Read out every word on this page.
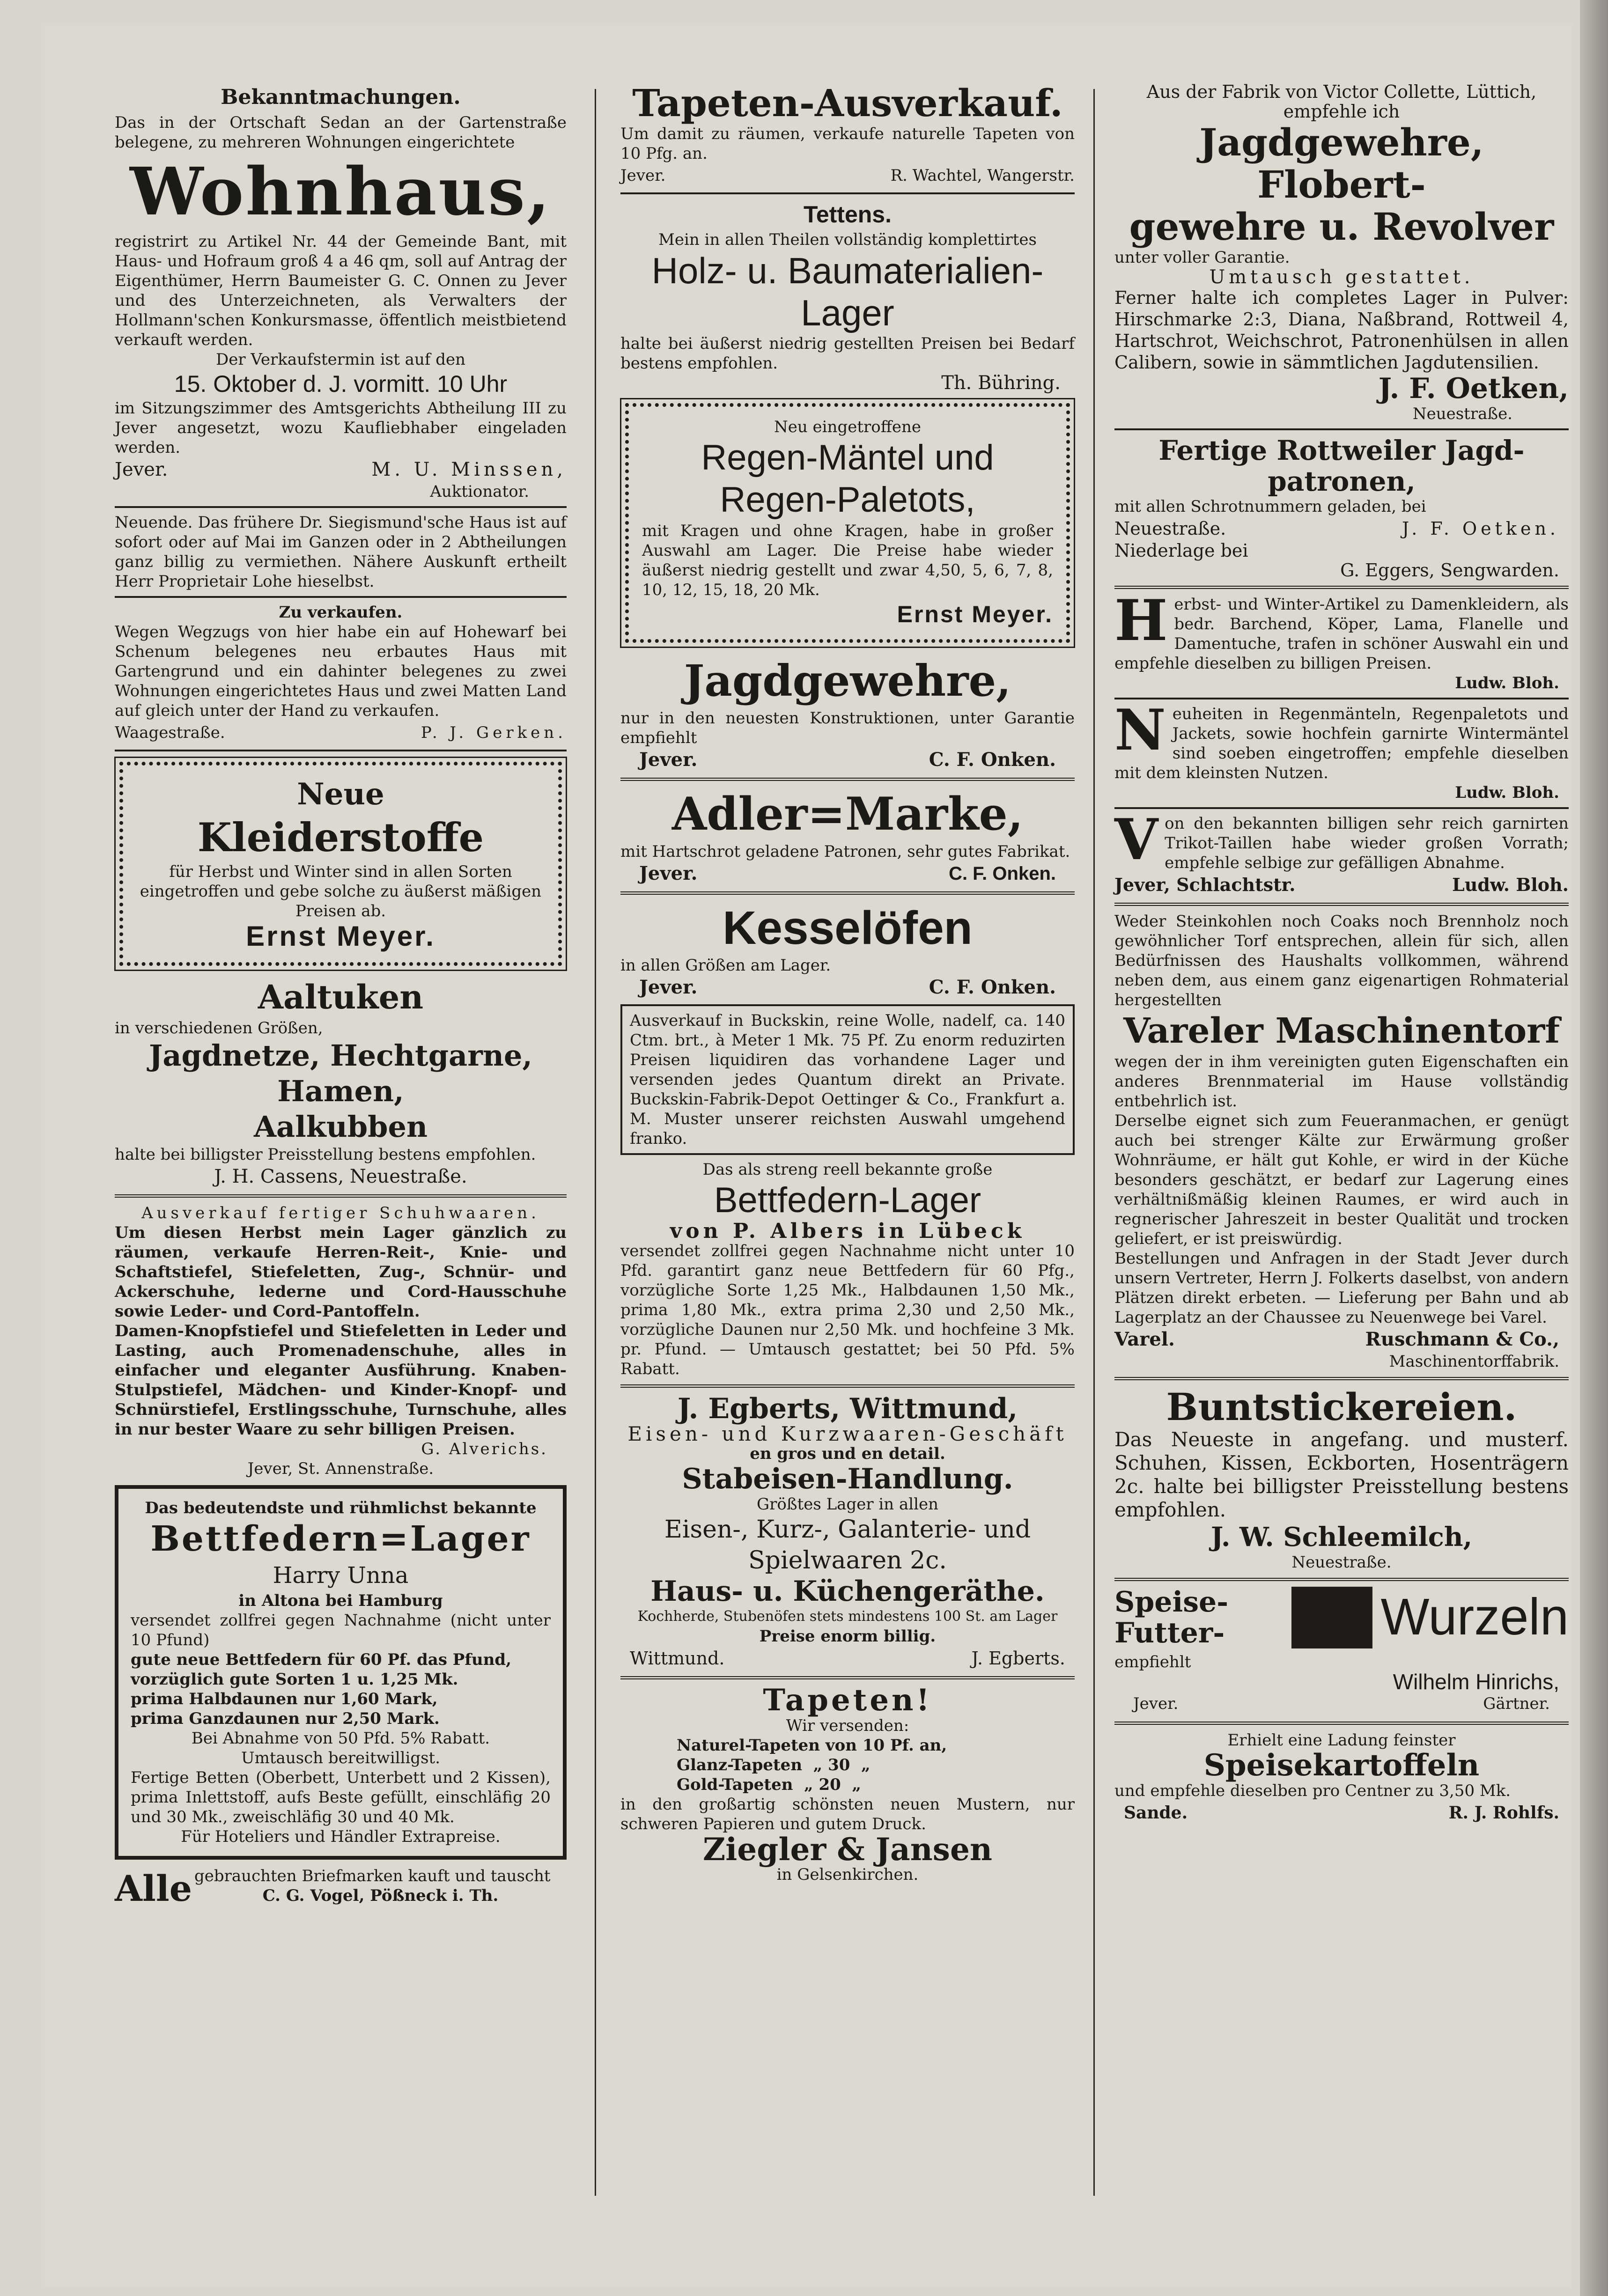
Bekanntmachungen.
Das in der Ortschaft Sedan an der Gartenstraße belegene, zu mehreren Wohnungen eingerichtete
Wohnhaus,
registrirt zu Artikel Nr. 44 der Gemeinde Bant, mit Haus- und Hofraum groß 4 a 46 qm, soll auf Antrag der Eigenthümer, Herrn Baumeister G. C. Onnen zu Jever und des Unterzeichneten, als Verwalters der Hollmann'schen Konkursmasse, öffentlich meistbietend verkauft werden.
Der Verkaufstermin ist auf den
15. Oktober d. J. vormitt. 10 Uhr
im Sitzungszimmer des Amtsgerichts Abtheilung III zu Jever angesetzt, wozu Kaufliebhaber eingeladen werden.
Jever.	M. U. Minssen,
Auktionator.
Neuende. Das frühere Dr. Siegismund'sche Haus ist auf sofort oder auf Mai im Ganzen oder in 2 Abtheilungen ganz billig zu vermiethen. Nähere Auskunft ertheilt Herr Proprietair Lohe hieselbst.
Zu verkaufen.
Wegen Wegzugs von hier habe ein auf Hohewarf bei Schenum belegenes neu erbautes Haus mit Gartengrund und ein dahinter belegenes zu zwei Wohnungen eingerichtetes Haus und zwei Matten Land auf gleich unter der Hand zu verkaufen.
Waagestraße.	P. J. Gerken.
Neue
Kleiderstoffe
für Herbst und Winter sind in allen Sorten eingetroffen und gebe solche zu äußerst mäßigen Preisen ab.
Ernst Meyer.
Aaltuken
in verschiedenen Größen,
Jagdnetze, Hechtgarne, Hamen,
Aalkubben
halte bei billigster Preisstellung bestens empfohlen.
J. H. Cassens, Neuestraße.
Ausverkauf fertiger Schuhwaaren.
Um diesen Herbst mein Lager gänzlich zu räumen, verkaufe Herren-Reit-, Knie- und Schaftstiefel, Stiefeletten, Zug-, Schnür- und Ackerschuhe, lederne und Cord-Hausschuhe sowie Leder- und Cord-Pantoffeln.
Damen-Knopfstiefel und Stiefeletten in Leder und Lasting, auch Promenadenschuhe, alles in einfacher und eleganter Ausführung. Knaben-Stulpstiefel, Mädchen- und Kinder-Knopf- und Schnürstiefel, Erstlingsschuhe, Turnschuhe, alles in nur bester Waare zu sehr billigen Preisen.
G. Alverichs.
Jever, St. Annenstraße.
Das bedeutendste und rühmlichst bekannte
Bettfedern=Lager
Harry Unna
in Altona bei Hamburg
versendet zollfrei gegen Nachnahme (nicht unter 10 Pfund)
gute neue Bettfedern für 60 Pf. das Pfund,
vorzüglich gute Sorten 1 u. 1,25 Mk.
prima Halbdaunen nur 1,60 Mark,
prima Ganzdaunen nur 2,50 Mark.
Bei Abnahme von 50 Pfd. 5% Rabatt.
Umtausch bereitwilligst.
Fertige Betten (Oberbett, Unterbett und 2 Kissen), prima Inlettstoff, aufs Beste gefüllt, einschläfig 20 und 30 Mk., zweischläfig 30 und 40 Mk.
Für Hoteliers und Händler Extrapreise.
Alle gebrauchten Briefmarken kauft und tauscht
C. G. Vogel, Pößneck i. Th.
Tapeten-Ausverkauf.
Um damit zu räumen, verkaufe naturelle Tapeten von 10 Pfg. an.
Jever.	R. Wachtel, Wangerstr.
Tettens.
Mein in allen Theilen vollständig komplettirtes
Holz- u. Baumaterialien-
Lager
halte bei äußerst niedrig gestellten Preisen bei Bedarf bestens empfohlen.
Th. Bühring.
Neu eingetroffene
Regen-Mäntel und
Regen-Paletots,
mit Kragen und ohne Kragen, habe in großer Auswahl am Lager. Die Preise habe wieder äußerst niedrig gestellt und zwar 4,50, 5, 6, 7, 8, 10, 12, 15, 18, 20 Mk.
Ernst Meyer.
Jagdgewehre,
nur in den neuesten Konstruktionen, unter Garantie empfiehlt
Jever.	C. F. Onken.
Adler=Marke,
mit Hartschrot geladene Patronen, sehr gutes Fabrikat.
Jever.	C. F. Onken.
Kesselöfen
in allen Größen am Lager.
Jever.	C. F. Onken.
Ausverkauf in Buckskin, reine Wolle, nadelf, ca. 140 Ctm. brt., à Meter 1 Mk. 75 Pf. Zu enorm reduzirten Preisen liquidiren das vorhandene Lager und versenden jedes Quantum direkt an Private. Buckskin-Fabrik-Depot Oettinger & Co., Frankfurt a. M. Muster unserer reichsten Auswahl umgehend franko.
Das als streng reell bekannte große
Bettfedern-Lager
von P. Albers in Lübeck
versendet zollfrei gegen Nachnahme nicht unter 10 Pfd. garantirt ganz neue Bettfedern für 60 Pfg., vorzügliche Sorte 1,25 Mk., Halbdaunen 1,50 Mk., prima 1,80 Mk., extra prima 2,30 und 2,50 Mk., vorzügliche Daunen nur 2,50 Mk. und hochfeine 3 Mk. pr. Pfund. — Umtausch gestattet; bei 50 Pfd. 5% Rabatt.
J. Egberts, Wittmund,
Eisen- und Kurzwaaren-Geschäft
en gros und en detail.
Stabeisen-Handlung.
Größtes Lager in allen
Eisen-, Kurz-, Galanterie- und
Spielwaaren 2c.
Haus- u. Küchengeräthe.
Kochherde, Stubenöfen stets mindestens 100 St. am Lager
Preise enorm billig.
Wittmund.	J. Egberts.
Tapeten!
Wir versenden:
Naturel-Tapeten von 10 Pf. an,
Glanz-Tapeten  „ 30  „
Gold-Tapeten  „ 20  „
in den großartig schönsten neuen Mustern, nur schweren Papieren und gutem Druck.
Ziegler & Jansen
in Gelsenkirchen.
Aus der Fabrik von Victor Collette, Lüttich, empfehle ich
Jagdgewehre, Flobert-
gewehre u. Revolver
unter voller Garantie.
Umtausch gestattet.
Ferner halte ich completes Lager in Pulver: Hirschmarke 2:3, Diana, Naßbrand, Rottweil 4, Hartschrot, Weichschrot, Patronenhülsen in allen Calibern, sowie in sämmtlichen Jagdutensilien.
J. F. Oetken,
Neuestraße.
Fertige Rottweiler Jagd-
patronen,
mit allen Schrotnummern geladen, bei
Neuestraße.	J. F. Oetken.
Niederlage bei
G. Eggers, Sengwarden.
H erbst- und Winter-Artikel zu Damenkleidern, als bedr. Barchend, Köper, Lama, Flanelle und Damentuche, trafen in schöner Auswahl ein und empfehle dieselben zu billigen Preisen.
Ludw. Bloh.
N euheiten in Regenmänteln, Regenpaletots und Jackets, sowie hochfein garnirte Wintermäntel sind soeben eingetroffen; empfehle dieselben mit dem kleinsten Nutzen.
Ludw. Bloh.
V on den bekannten billigen sehr reich garnirten Trikot-Taillen habe wieder großen Vorrath; empfehle selbige zur gefälligen Abnahme.
Jever, Schlachtstr.	Ludw. Bloh.
Weder Steinkohlen noch Coaks noch Brennholz noch gewöhnlicher Torf entsprechen, allein für sich, allen Bedürfnissen des Haushalts vollkommen, während neben dem, aus einem ganz eigenartigen Rohmaterial hergestellten
Vareler Maschinentorf
wegen der in ihm vereinigten guten Eigenschaften ein anderes Brennmaterial im Hause vollständig entbehrlich ist.
Derselbe eignet sich zum Feueranmachen, er genügt auch bei strenger Kälte zur Erwärmung großer Wohnräume, er hält gut Kohle, er wird in der Küche besonders geschätzt, er bedarf zur Lagerung eines verhältnißmäßig kleinen Raumes, er wird auch in regnerischer Jahreszeit in bester Qualität und trocken geliefert, er ist preiswürdig.
Bestellungen und Anfragen in der Stadt Jever durch unsern Vertreter, Herrn J. Folkerts daselbst, von andern Plätzen direkt erbeten. — Lieferung per Bahn und ab Lagerplatz an der Chaussee zu Neuenwege bei Varel.
Varel.	Ruschmann & Co.,
Maschinentorffabrik.
Buntstickereien.
Das Neueste in angefang. und musterf. Schuhen, Kissen, Eckborten, Hosenträgern 2c. halte bei billigster Preisstellung bestens empfohlen.
J. W. Schleemilch,
Neuestraße.
Speise-
Futter-	Wurzeln
empfiehlt
Wilhelm Hinrichs,
Jever.	Gärtner.
Erhielt eine Ladung feinster
Speisekartoffeln
und empfehle dieselben pro Centner zu 3,50 Mk.
Sande.	R. J. Rohlfs.
